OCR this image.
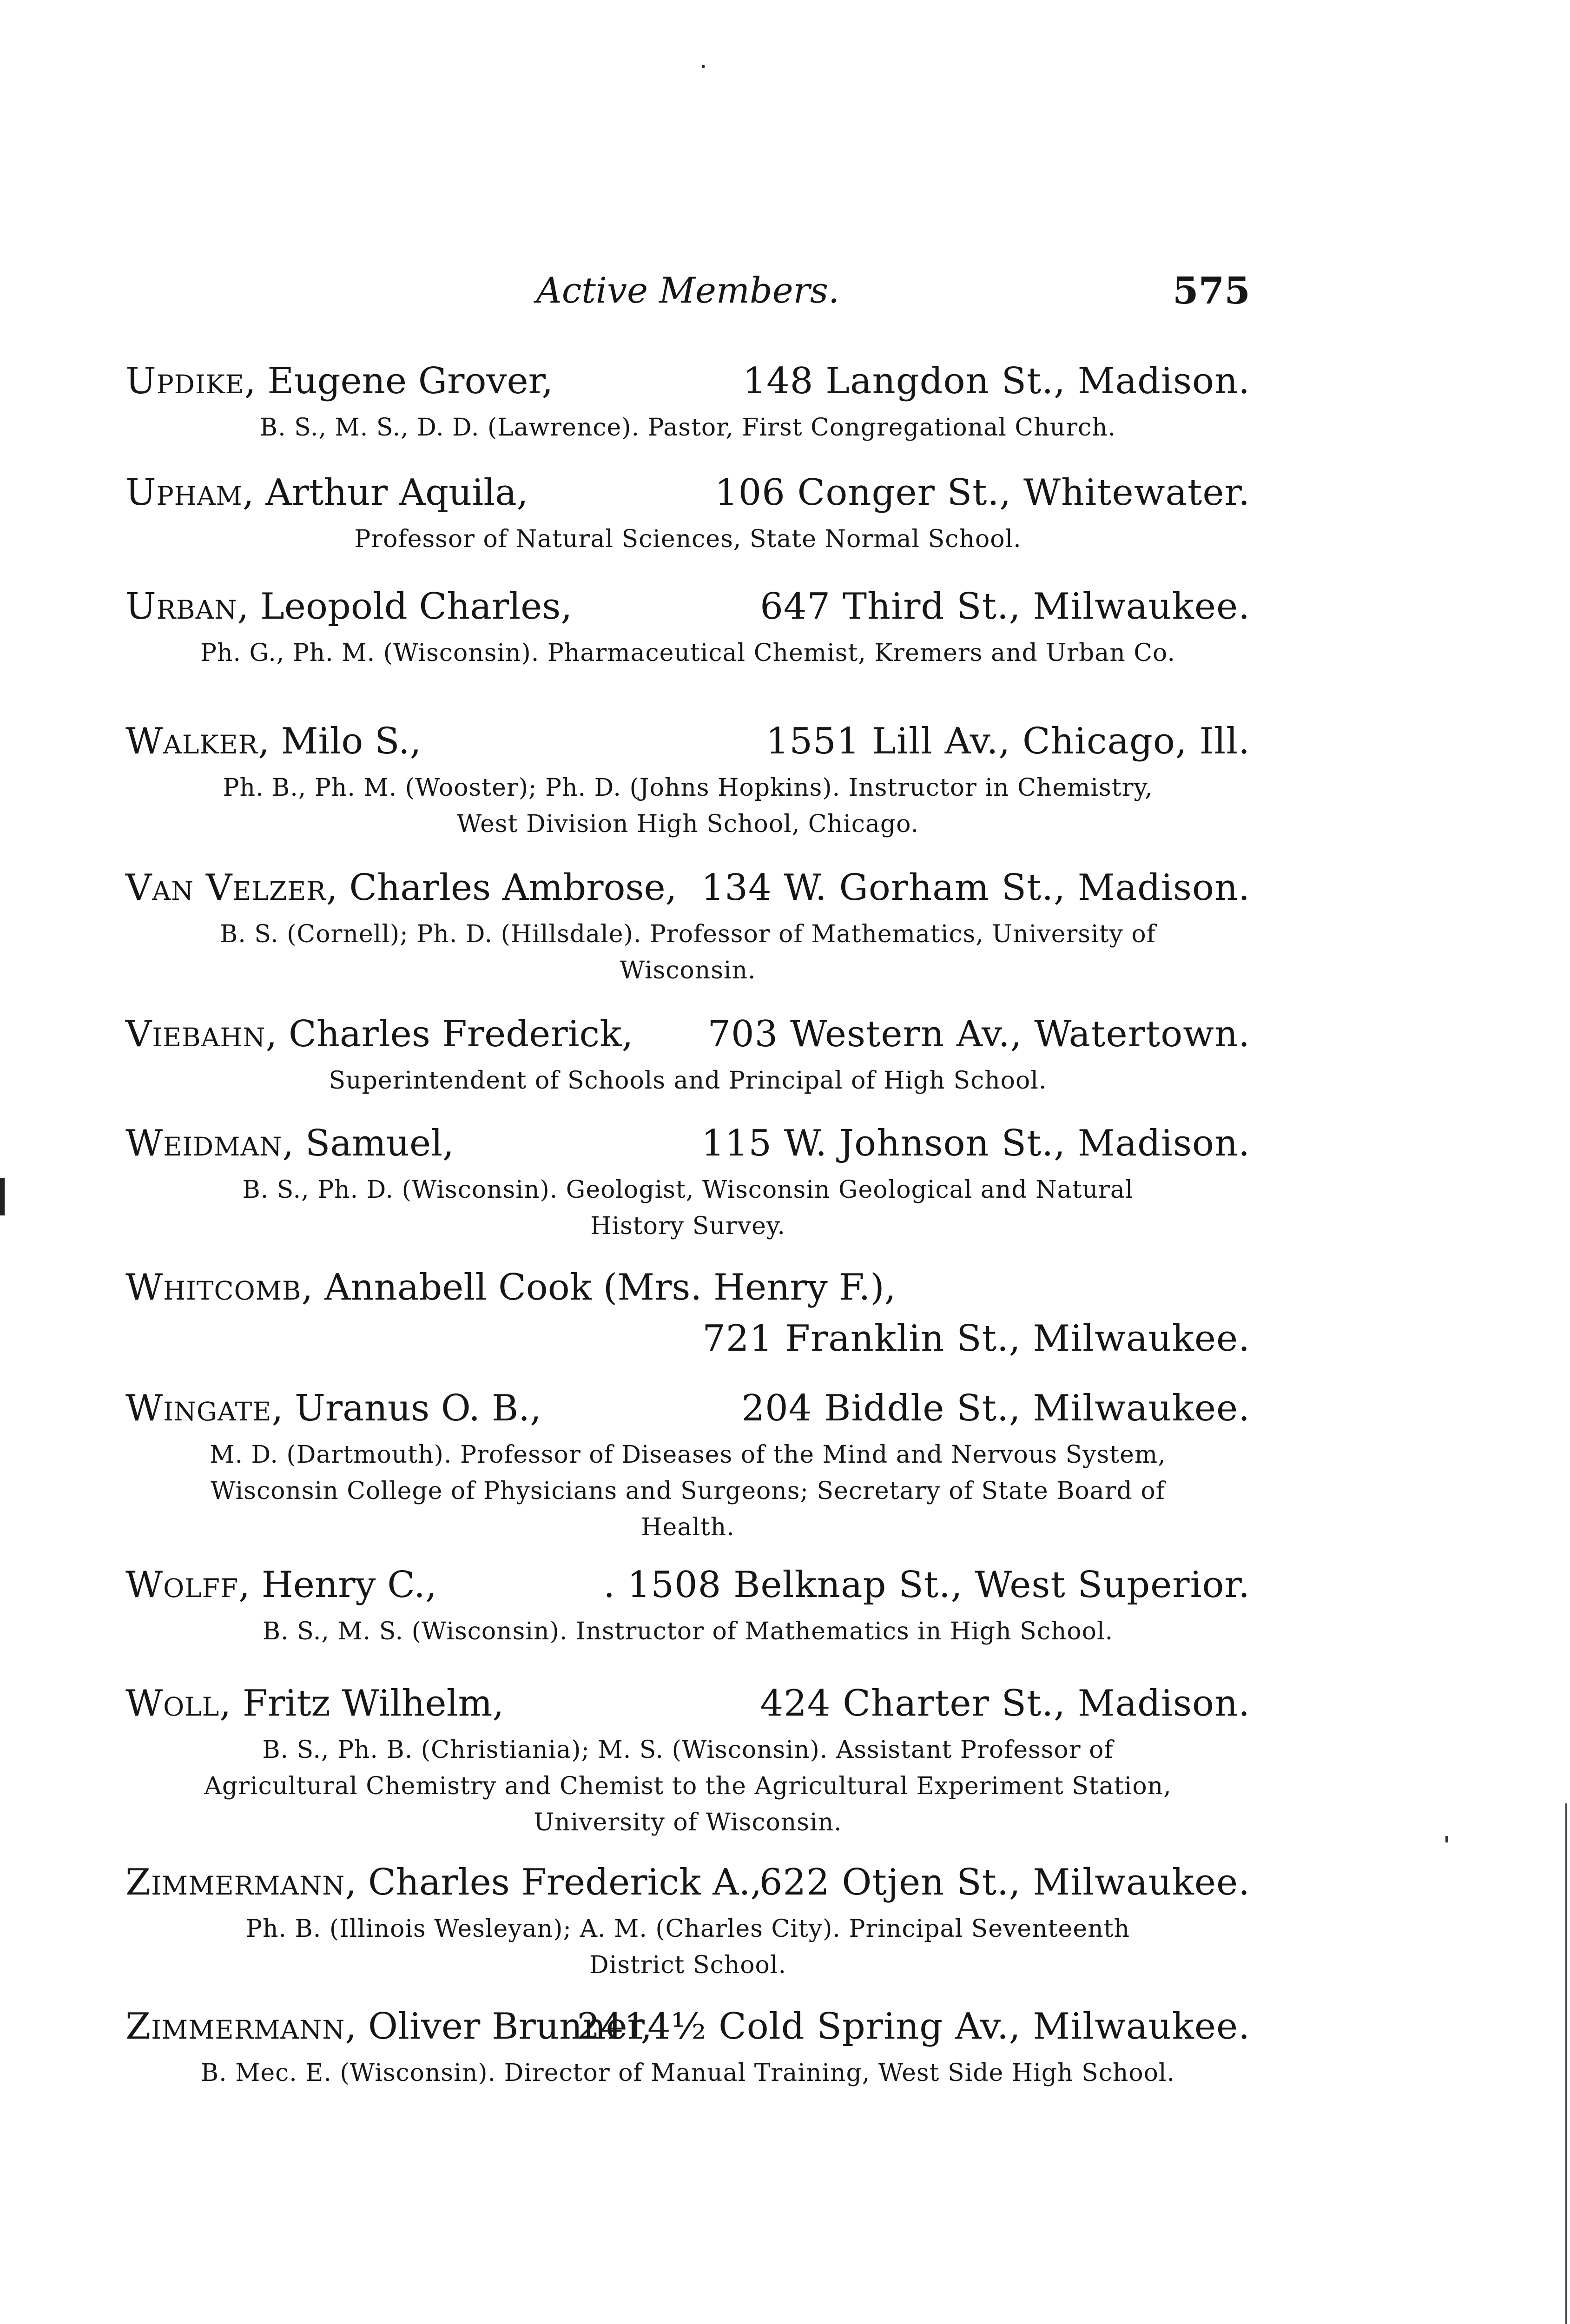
Active Members.	575
Updike, Eugene Grover,	148 Langdon St., Madison.
B. S., M. S., D. D. (Lawrence). Pastor, First Congregational Church.
Upham, Arthur Aquila,	106 Conger St., Whitewater.
Professor of Natural Sciences, State Normal School.
Urban, Leopold Charles,	647 Third St., Milwaukee.
Ph. G., Ph. M. (Wisconsin). Pharmaceutical Chemist, Kremers and Urban Co.
Walker, Milo S.,	1551 Lill Av., Chicago, Ill.
Ph. B., Ph. M. (Wooster); Ph. D. (Johns Hopkins). Instructor in Chemistry, West Division High School, Chicago.
Van Velzer, Charles Ambrose, 134 W. Gorham St., Madison.
B. S. (Cornell); Ph. D. (Hillsdale). Professor of Mathematics, University of Wisconsin.
Viebahn, Charles Frederick, 703 Western Av., Watertown.
Superintendent of Schools and Principal of High School.
Weidman, Samuel,	115 W. Johnson St., Madison.
B. S., Ph. D. (Wisconsin). Geologist, Wisconsin Geological and Natural History Survey.
Whitcomb, Annabell Cook (Mrs. Henry F.),
721 Franklin St., Milwaukee.
Wingate, Uranus O. B.,	204 Biddle St., Milwaukee.
M. D. (Dartmouth). Professor of Diseases of the Mind and Nervous System, Wisconsin College of Physicians and Surgeons; Secretary of State Board of Health.
Wolff, Henry C.,	. 1508 Belknap St., West Superior.
B. S., M. S. (Wisconsin). Instructor of Mathematics in High School.
Woll, Fritz Wilhelm,	424 Charter St., Madison.
B. S., Ph. B. (Christiania); M. S. (Wisconsin). Assistant Professor of Agricultural Chemistry and Chemist to the Agricultural Experiment Station, University of Wisconsin.
Zimmermann, Charles Frederick A.,
622 Otjen St., Milwaukee.
Ph. B. (Illinois Wesleyan); A. M. (Charles City). Principal Seventeenth District School.
Zimmermann, Oliver Brunner,
2414½ Cold Spring Av., Milwaukee.
B. Mec. E. (Wisconsin). Director of Manual Training, West Side High School.
